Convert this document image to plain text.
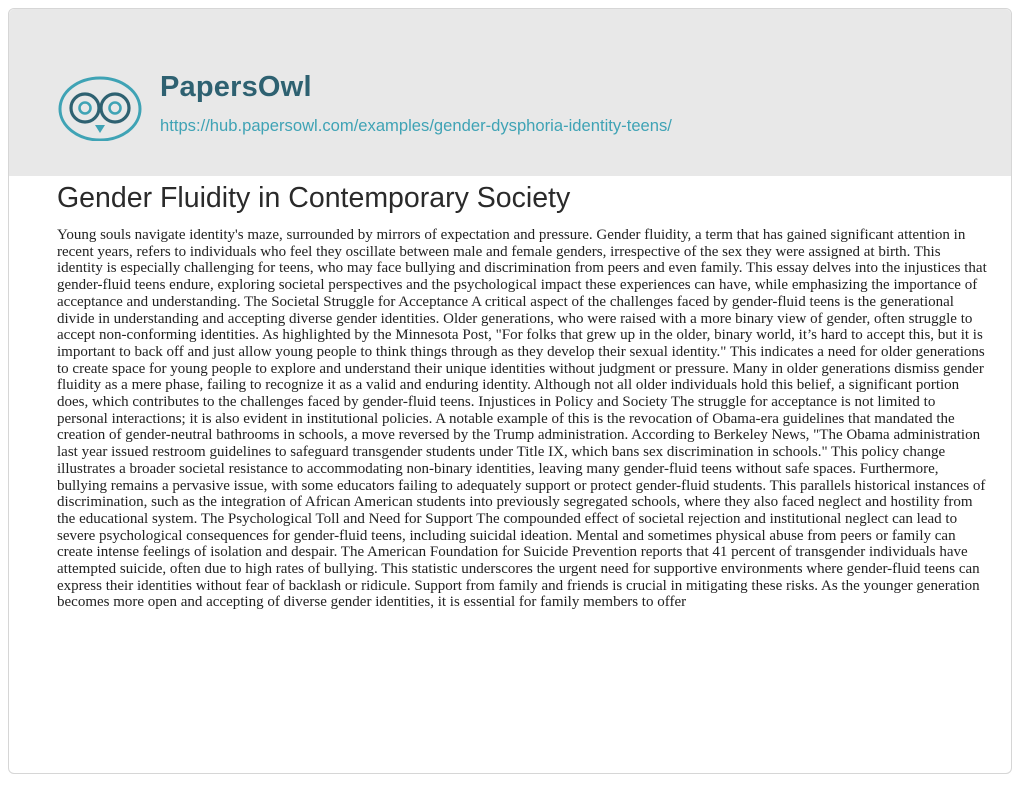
PapersOwl
https://hub.papersowl.com/examples/gender-dysphoria-identity-teens/
Gender Fluidity in Contemporary Society

Young souls navigate identity's maze, surrounded by mirrors of expectation and pressure. Gender fluidity, a term that has gained significant attention in recent years, refers to individuals who feel they oscillate between male and female genders, irrespective of the sex they were assigned at birth. This identity is especially challenging for teens, who may face bullying and discrimination from peers and even family. This essay delves into the injustices that gender-fluid teens endure, exploring societal perspectives and the psychological impact these experiences can have, while emphasizing the importance of acceptance and understanding. The Societal Struggle for Acceptance A critical aspect of the challenges faced by gender-fluid teens is the generational divide in understanding and accepting diverse gender identities. Older generations, who were raised with a more binary view of gender, often struggle to accept non-conforming identities. As highlighted by the Minnesota Post, "For folks that grew up in the older, binary world, it’s hard to accept this, but it is important to back off and just allow young people to think things through as they develop their sexual identity." This indicates a need for older generations to create space for young people to explore and understand their unique identities without judgment or pressure. Many in older generations dismiss gender fluidity as a mere phase, failing to recognize it as a valid and enduring identity. Although not all older individuals hold this belief, a significant portion does, which contributes to the challenges faced by gender-fluid teens. Injustices in Policy and Society The struggle for acceptance is not limited to personal interactions; it is also evident in institutional policies. A notable example of this is the revocation of Obama-era guidelines that mandated the creation of gender-neutral bathrooms in schools, a move reversed by the Trump administration. According to Berkeley News, "The Obama administration last year issued restroom guidelines to safeguard transgender students under Title IX, which bans sex discrimination in schools." This policy change illustrates a broader societal resistance to accommodating non-binary identities, leaving many gender-fluid teens without safe spaces. Furthermore, bullying remains a pervasive issue, with some educators failing to adequately support or protect gender-fluid students. This parallels historical instances of discrimination, such as the integration of African American students into previously segregated schools, where they also faced neglect and hostility from the educational system. The Psychological Toll and Need for Support The compounded effect of societal rejection and institutional neglect can lead to severe psychological consequences for gender-fluid teens, including suicidal ideation. Mental and sometimes physical abuse from peers or family can create intense feelings of isolation and despair. The American Foundation for Suicide Prevention reports that 41 percent of transgender individuals have attempted suicide, often due to high rates of bullying. This statistic underscores the urgent need for supportive environments where gender-fluid teens can express their identities without fear of backlash or ridicule. Support from family and friends is crucial in mitigating these risks. As the younger generation becomes more open and accepting of diverse gender identities, it is essential for family members to offer
